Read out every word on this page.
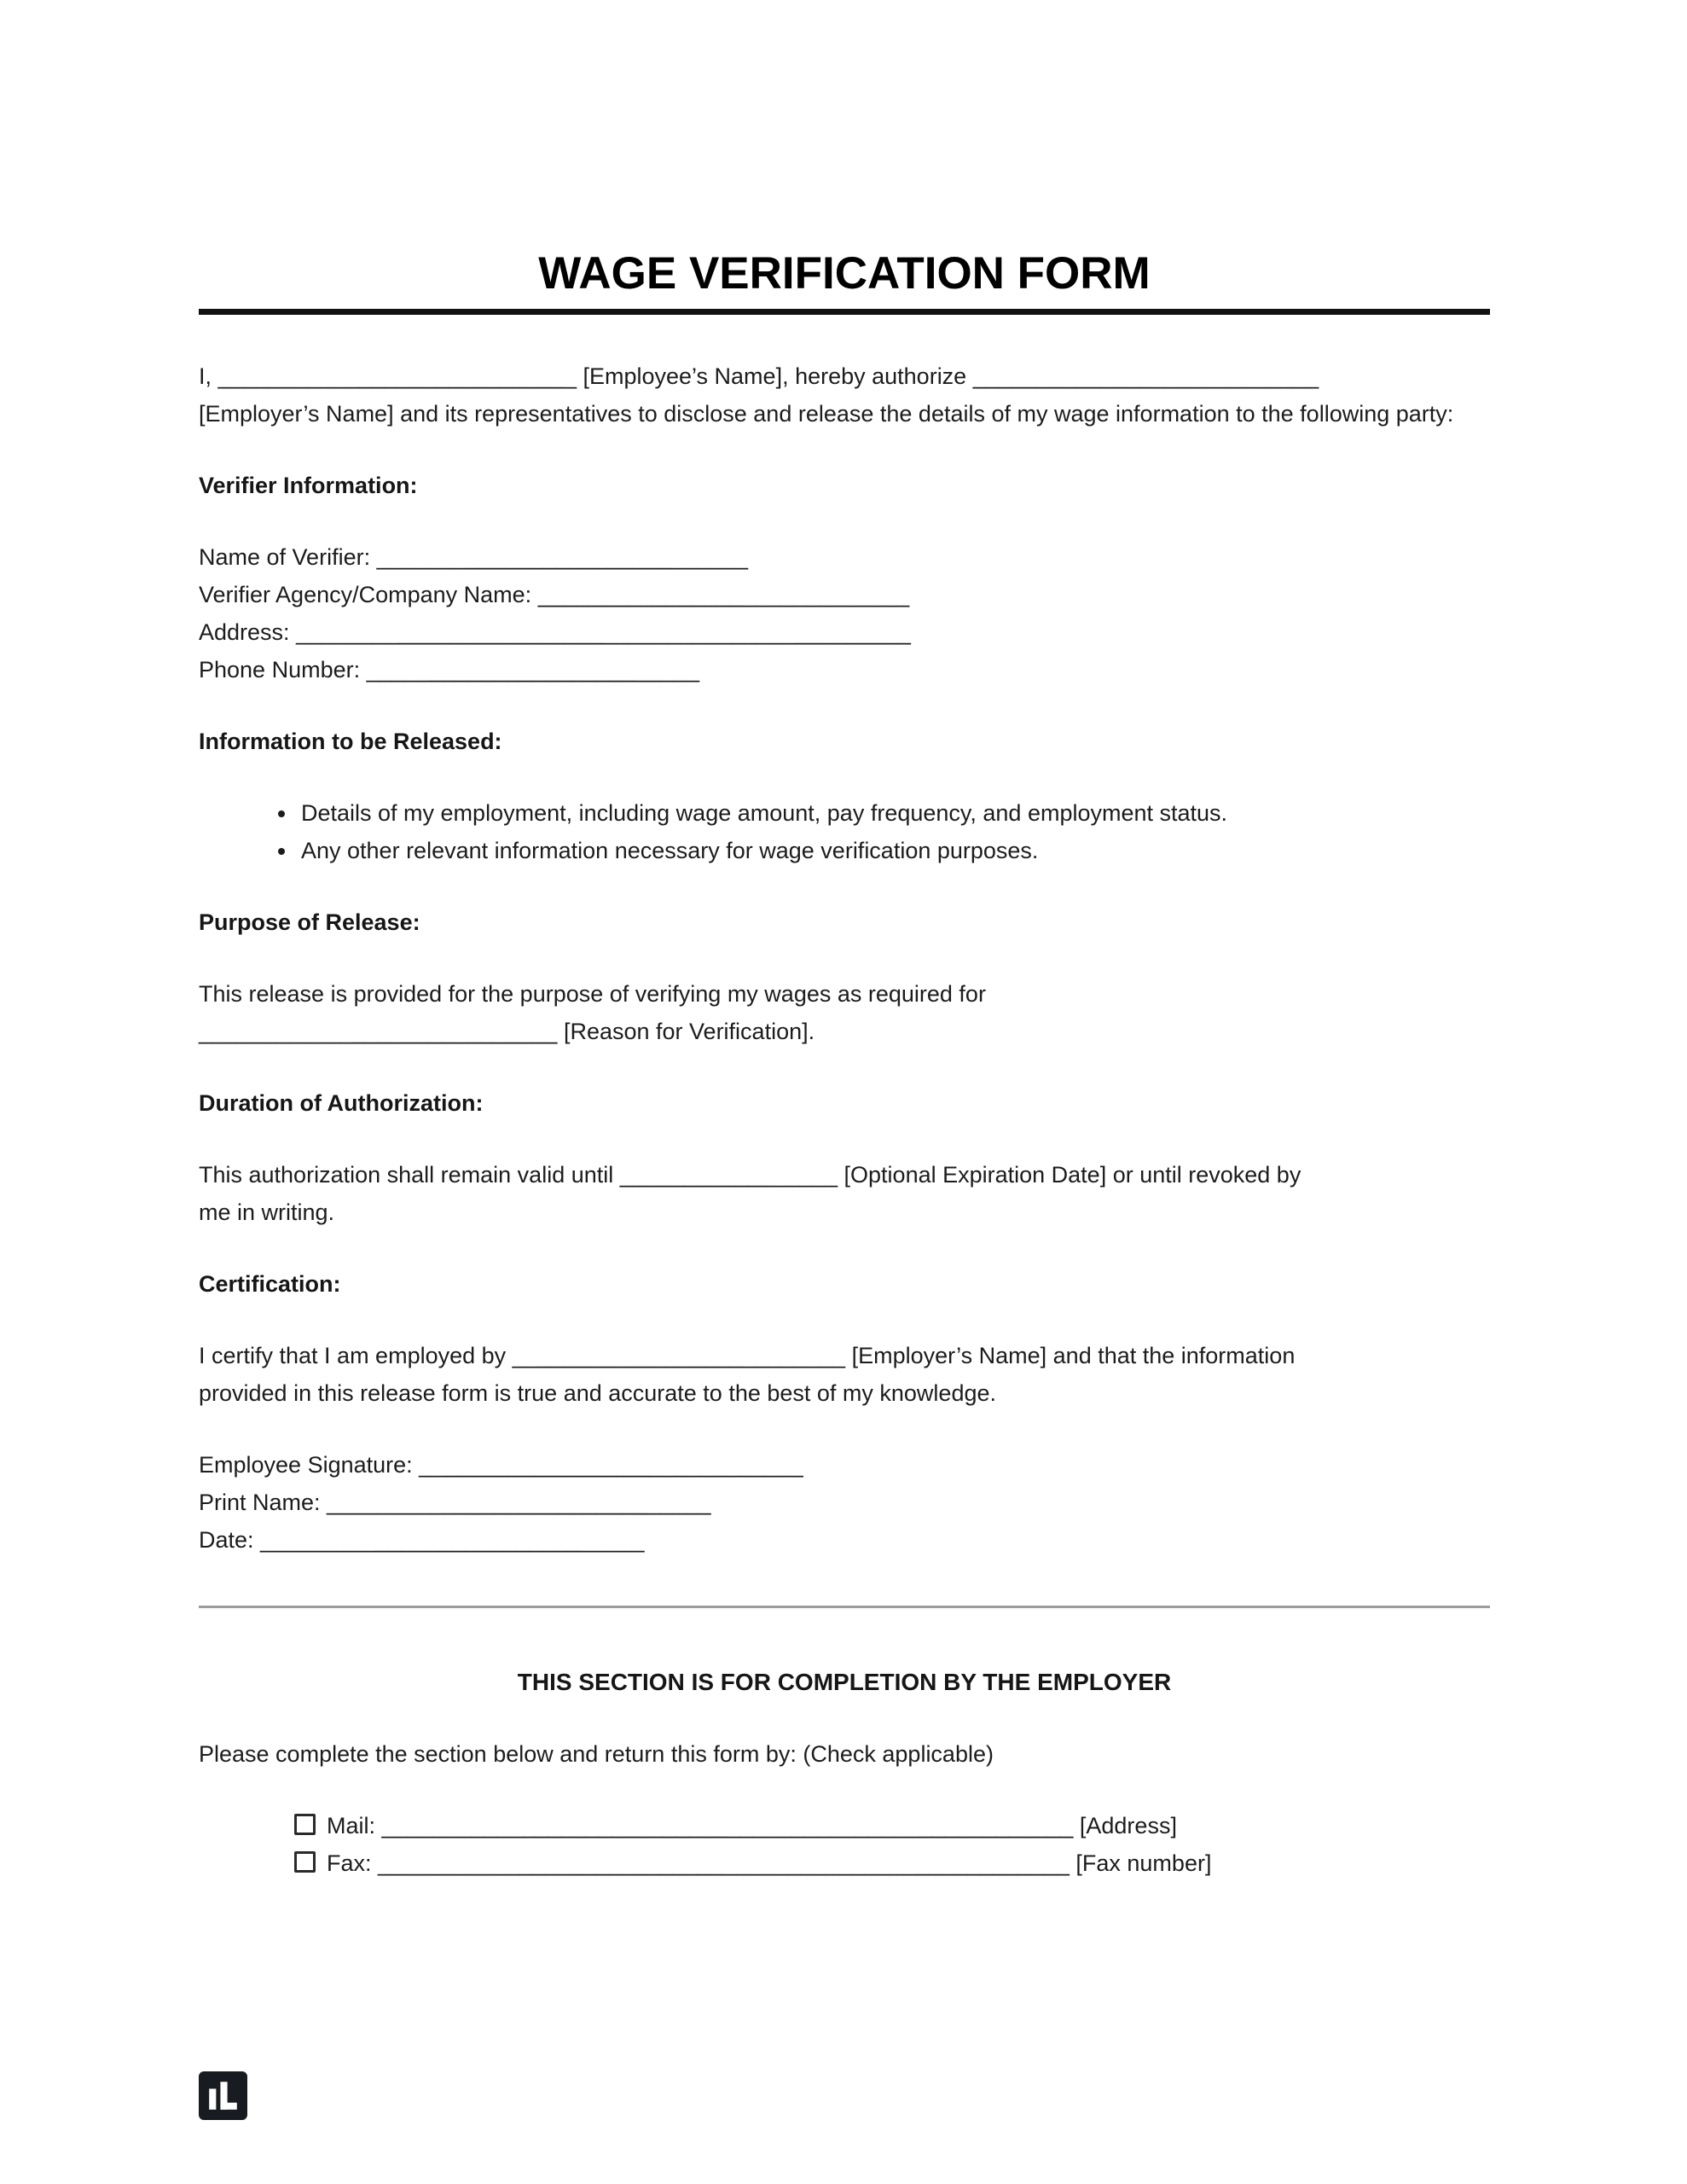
WAGE VERIFICATION FORM

I, ____________________________ [Employee’s Name], hereby authorize ___________________________
[Employer’s Name] and its representatives to disclose and release the details of my wage information to the following party:

Verifier Information:
Name of Verifier: _____________________________
Verifier Agency/Company Name: _____________________________
Address: ________________________________________________
Phone Number: __________________________
Information to be Released:
• Details of my employment, including wage amount, pay frequency, and employment status.
• Any other relevant information necessary for wage verification purposes.
Purpose of Release:

This release is provided for the purpose of verifying my wages as required for
____________________________ [Reason for Verification].

Duration of Authorization:

This authorization shall remain valid until _________________ [Optional Expiration Date] or until revoked by
me in writing.

Certification:

I certify that I am employed by __________________________ [Employer’s Name] and that the information
provided in this release form is true and accurate to the best of my knowledge.

Employee Signature: ______________________________
Print Name: ______________________________
Date: ______________________________
THIS SECTION IS FOR COMPLETION BY THE EMPLOYER

Please complete the section below and return this form by: (Check applicable)

Mail: ______________________________________________________ [Address]
Fax: ______________________________________________________ [Fax number]
